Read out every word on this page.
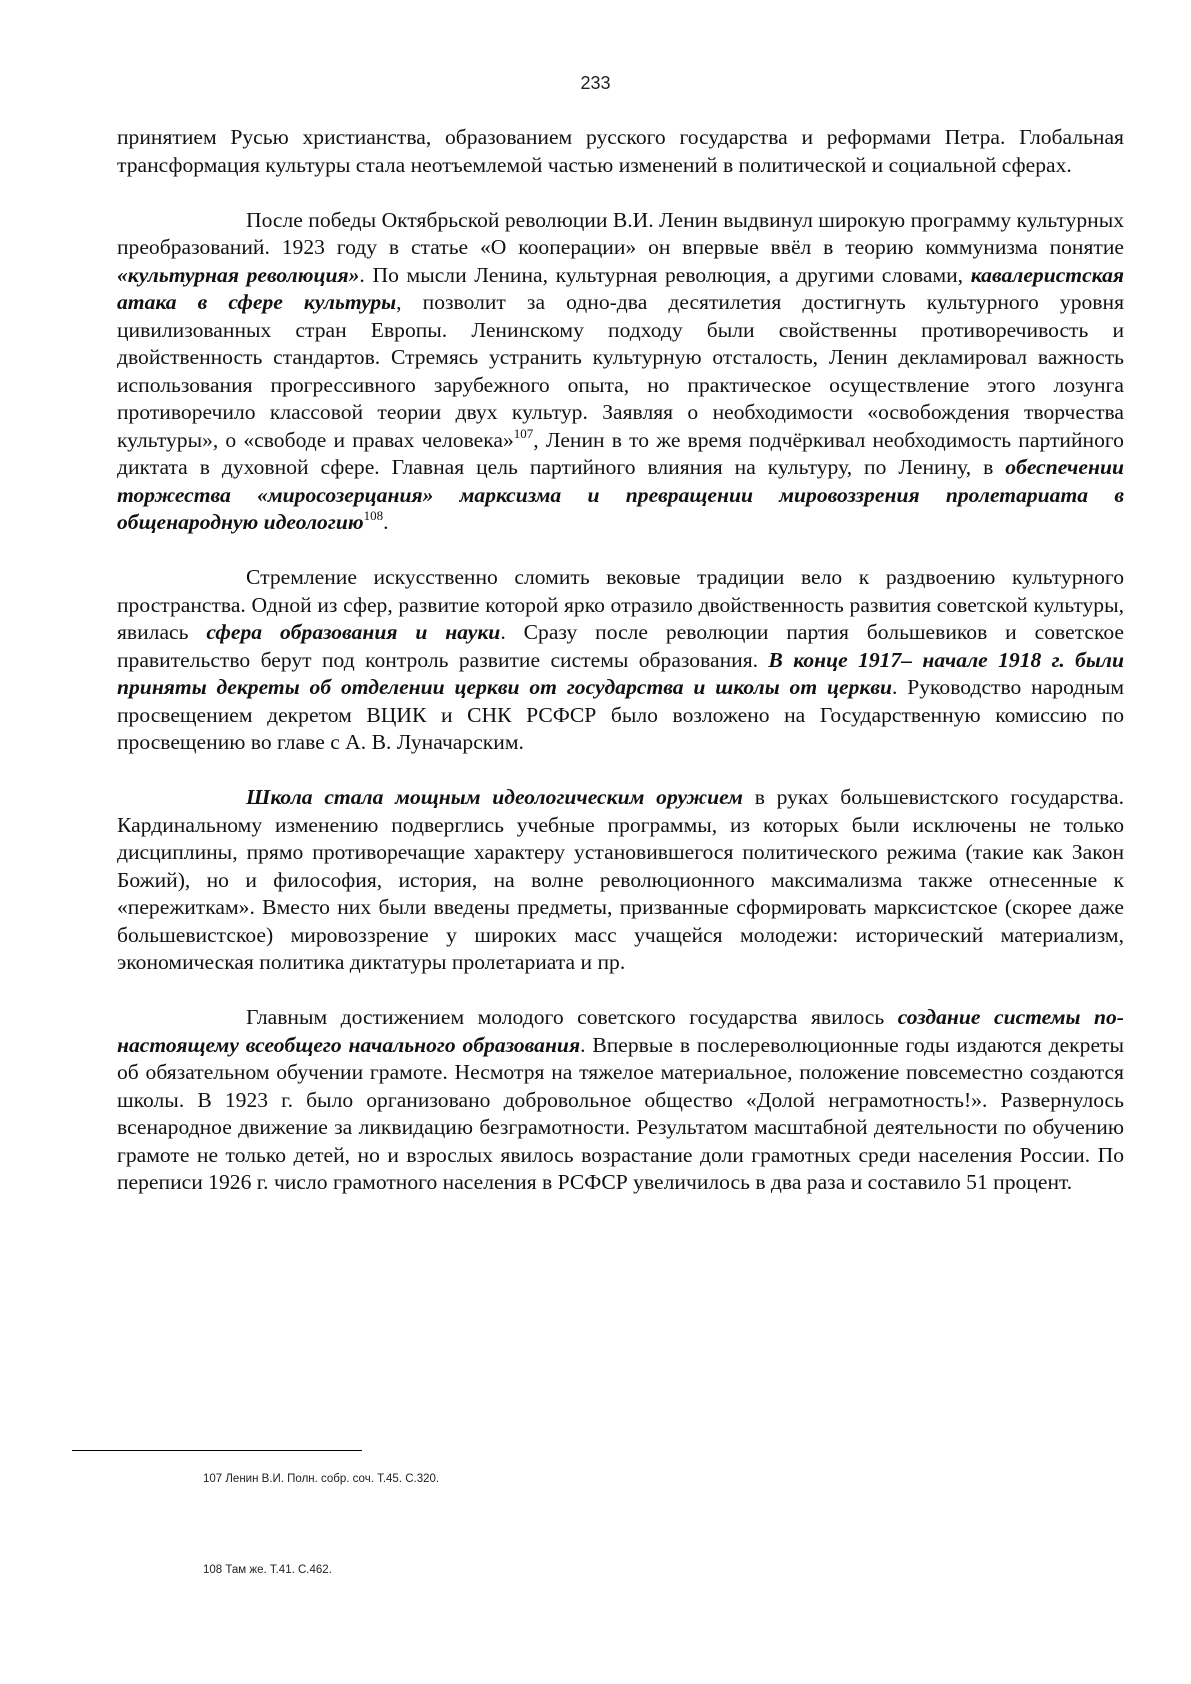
233

принятием Русью христианства, образованием русского государства и реформами Петра. Глобальная трансформация культуры стала неотъемлемой частью изменений в политической и социальной сферах.

После победы Октябрьской революции В.И. Ленин выдвинул широкую программу культурных преобразований. 1923 году в статье «О кооперации» он впервые ввёл в теорию коммунизма понятие «культурная революция». По мысли Ленина, культурная революция, а другими словами, кавалеристская атака в сфере культуры, позволит за одно-два десятилетия достигнуть культурного уровня цивилизованных стран Европы. Ленинскому подходу были свойственны противоречивость и двойственность стандартов. Стремясь устранить культурную отсталость, Ленин декламировал важность использования прогрессивного зарубежного опыта, но практическое осуществление этого лозунга противоречило классовой теории двух культур. Заявляя о необходимости «освобождения творчества культуры», о «свободе и правах человека»$^{107}$, Ленин в то же время подчёркивал необходимость партийного диктата в духовной сфере. Главная цель партийного влияния на культуру, по Ленину, в обеспечении торжества «миросозерцания» марксизма и превращении мировоззрения пролетариата в общенародную идеологию$^{108}$.

Стремление искусственно сломить вековые традиции вело к раздвоению культурного пространства. Одной из сфер, развитие которой ярко отразило двойственность развития советской культуры, явилась сфера образования и науки. Сразу после революции партия большевиков и советское правительство берут под контроль развитие системы образования. В конце 1917– начале 1918 г. были приняты декреты об отделении церкви от государства и школы от церкви. Руководство народным просвещением декретом ВЦИК и СНК РСФСР было возложено на Государственную комиссию по просвещению во главе с А. В. Луначарским.

Школа стала мощным идеологическим оружием в руках большевистского государства. Кардинальному изменению подверглись учебные программы, из которых были исключены не только дисциплины, прямо противоречащие характеру установившегося политического режима (такие как Закон Божий), но и философия, история, на волне революционного максимализма также отнесенные к «пережиткам». Вместо них были введены предметы, призванные сформировать марксистское (скорее даже большевистское) мировоззрение у широких масс учащейся молодежи: исторический материализм, экономическая политика диктатуры пролетариата и пр.

Главным достижением молодого советского государства явилось создание системы по-настоящему всеобщего начального образования. Впервые в послереволюционные годы издаются декреты об обязательном обучении грамоте. Несмотря на тяжелое материальное, положение повсеместно создаются школы. В 1923 г. было организовано добровольное общество «Долой неграмотность!». Развернулось всенародное движение за ликвидацию безграмотности. Результатом масштабной деятельности по обучению грамоте не только детей, но и взрослых явилось возрастание доли грамотных среди населения России. По переписи 1926 г. число грамотного населения в РСФСР увеличилось в два раза и составило 51 процент.

107 Ленин В.И. Полн. собр. соч. Т.45. С.320.
108 Там же. Т.41. С.462.
